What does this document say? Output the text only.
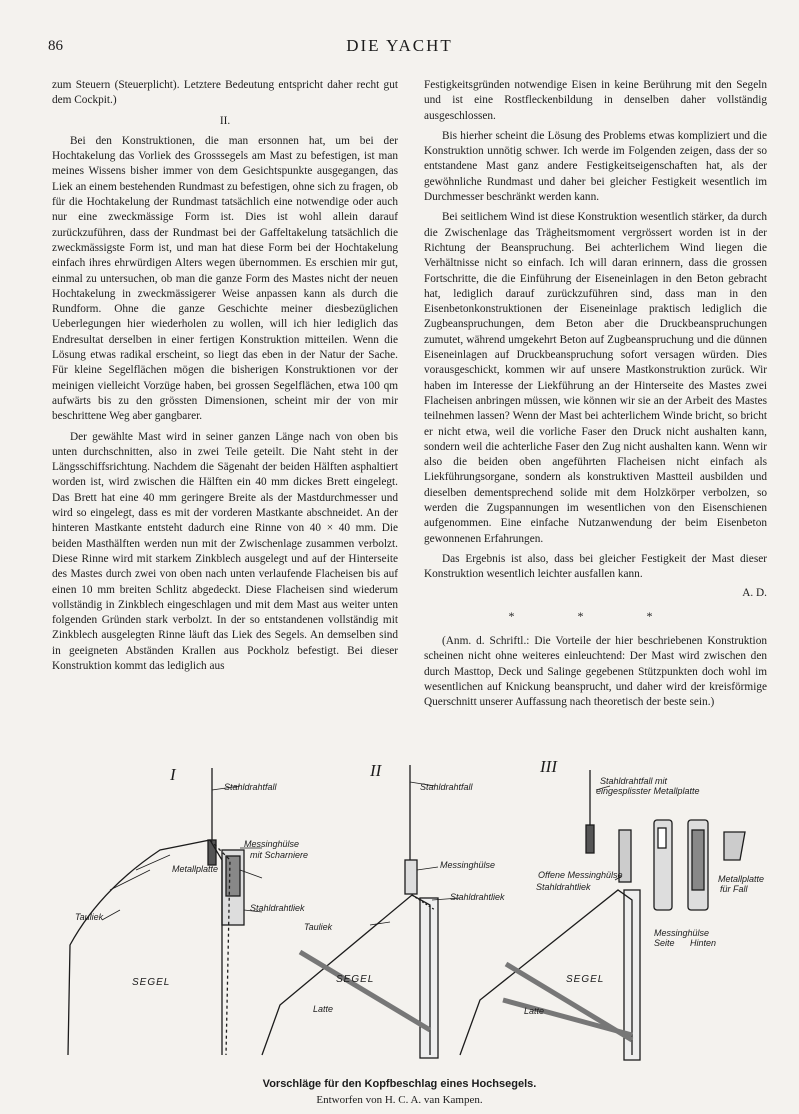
86	DIE YACHT

zum Steuern (Steuerplicht). Letztere Bedeutung entspricht daher recht gut dem Cockpit.)

II.

Bei den Konstruktionen, die man ersonnen hat, um bei der Hochtakelung das Vorliek des Grosssegels am Mast zu befestigen, ist man meines Wissens bisher immer von dem Gesichtspunkte ausgegangen, das Liek an einem bestehenden Rundmast zu befestigen, ohne sich zu fragen, ob für die Hochtakelung der Rundmast tatsächlich eine notwendige oder auch nur eine zweckmässige Form ist. Dies ist wohl allein darauf zurückzuführen, dass der Rundmast bei der Gaffeltakelung tatsächlich die zweckmässigste Form ist, und man hat diese Form bei der Hochtakelung einfach ihres ehrwürdigen Alters wegen übernommen. Es erschien mir gut, einmal zu untersuchen, ob man die ganze Form des Mastes nicht der neuen Hochtakelung in zweckmässigerer Weise anpassen kann als durch die Rundform. Ohne die ganze Geschichte meiner diesbezüglichen Ueberlegungen hier wiederholen zu wollen, will ich hier lediglich das Endresultat derselben in einer fertigen Konstruktion mitteilen. Wenn die Lösung etwas radikal erscheint, so liegt das eben in der Natur der Sache. Für kleine Segelflächen mögen die bisherigen Konstruktionen vor der meinigen vielleicht Vorzüge haben, bei grossen Segelflächen, etwa 100 qm aufwärts bis zu den grössten Dimensionen, scheint mir der von mir beschrittene Weg aber gangbarer.

Der gewählte Mast wird in seiner ganzen Länge nach von oben bis unten durchschnitten, also in zwei Teile geteilt. Die Naht steht in der Längsschiffsrichtung. Nachdem die Sägenaht der beiden Hälften asphaltiert worden ist, wird zwischen die Hälften ein 40 mm dickes Brett eingelegt. Das Brett hat eine 40 mm geringere Breite als der Mastdurchmesser und wird so eingelegt, dass es mit der vorderen Mastkante abschneidet. An der hinteren Mastkante entsteht dadurch eine Rinne von 40 × 40 mm. Die beiden Masthälften werden nun mit der Zwischenlage zusammen verbolzt. Diese Rinne wird mit starkem Zinkblech ausgelegt und auf der Hinterseite des Mastes durch zwei von oben nach unten verlaufende Flacheisen bis auf einen 10 mm breiten Schlitz abgedeckt. Diese Flacheisen sind wiederum vollständig in Zinkblech eingeschlagen und mit dem Mast aus weiter unten folgenden Gründen stark verbolzt. In der so entstandenen vollständig mit Zinkblech ausgelegten Rinne läuft das Liek des Segels. An demselben sind in geeigneten Abständen Krallen aus Pockholz befestigt. Bei dieser Konstruktion kommt das lediglich aus

Festigkeitsgründen notwendige Eisen in keine Berührung mit den Segeln und ist eine Rostfleckenbildung in denselben daher vollständig ausgeschlossen.

Bis hierher scheint die Lösung des Problems etwas kompliziert und die Konstruktion unnötig schwer. Ich werde im Folgenden zeigen, dass der so entstandene Mast ganz andere Festigkeitseigenschaften hat, als der gewöhnliche Rundmast und daher bei gleicher Festigkeit wesentlich im Durchmesser beschränkt werden kann.

Bei seitlichem Wind ist diese Konstruktion wesentlich stärker, da durch die Zwischenlage das Trägheitsmoment vergrössert worden ist in der Richtung der Beanspruchung. Bei achterlichem Wind liegen die Verhältnisse nicht so einfach. Ich will daran erinnern, dass die grossen Fortschritte, die die Einführung der Eiseneinlagen in den Beton gebracht hat, lediglich darauf zurückzuführen sind, dass man in den Eisenbetonkonstruktionen der Eiseneinlage praktisch lediglich die Zugbeanspruchungen, dem Beton aber die Druckbeanspruchungen zumutet, während umgekehrt Beton auf Zugbeanspruchung und die dünnen Eiseneinlagen auf Druckbeanspruchung sofort versagen würden. Dies vorausgeschickt, kommen wir auf unsere Mastkonstruktion zurück. Wir haben im Interesse der Liekführung an der Hinterseite des Mastes zwei Flacheisen anbringen müssen, wie können wir sie an der Arbeit des Mastes teilnehmen lassen? Wenn der Mast bei achterlichem Winde bricht, so bricht er nicht etwa, weil die vorliche Faser den Druck nicht aushalten kann, sondern weil die achterliche Faser den Zug nicht aushalten kann. Wenn wir also die beiden oben angeführten Flacheisen nicht einfach als Liekführungsorgane, sondern als konstruktiven Mastteil ausbilden und dieselben dementsprechend solide mit dem Holzkörper verbolzen, so werden die Zugspannungen im wesentlichen von den Eisenschienen aufgenommen. Eine einfache Nutzanwendung der beim Eisenbeton gewonnenen Erfahrungen.

Das Ergebnis ist also, dass bei gleicher Festigkeit der Mast dieser Konstruktion wesentlich leichter ausfallen kann.

A. D.
* * *

(Anm. d. Schriftl.: Die Vorteile der hier beschriebenen Konstruktion scheinen nicht ohne weiteres einleuchtend: Der Mast wird zwischen den durch Masttop, Deck und Salinge gegebenen Stützpunkten doch wohl im wesentlichen auf Knickung beansprucht, und daher wird der kreisförmige Querschnitt unserer Auffassung nach theoretisch der beste sein.)

I
Stahldrahtfall
Metallplatte
Messinghülse
mit Scharniere
Stahldrahtliek
Tauliek
SEGEL
II
Stahldrahtfall
Messinghülse
Stahldrahtliek
Tauliek
SEGEL
Latte
III
Stahldrahtfall mit
eingesplisster Metallplatte
Offene Messinghülse
Stahldrahtliek
Metallplatte
für Fall
Messinghülse
Seite Hinten
SEGEL
Latte
Vorschläge für den Kopfbeschlag eines Hochsegels.
Entworfen von H. C. A. van Kampen.
